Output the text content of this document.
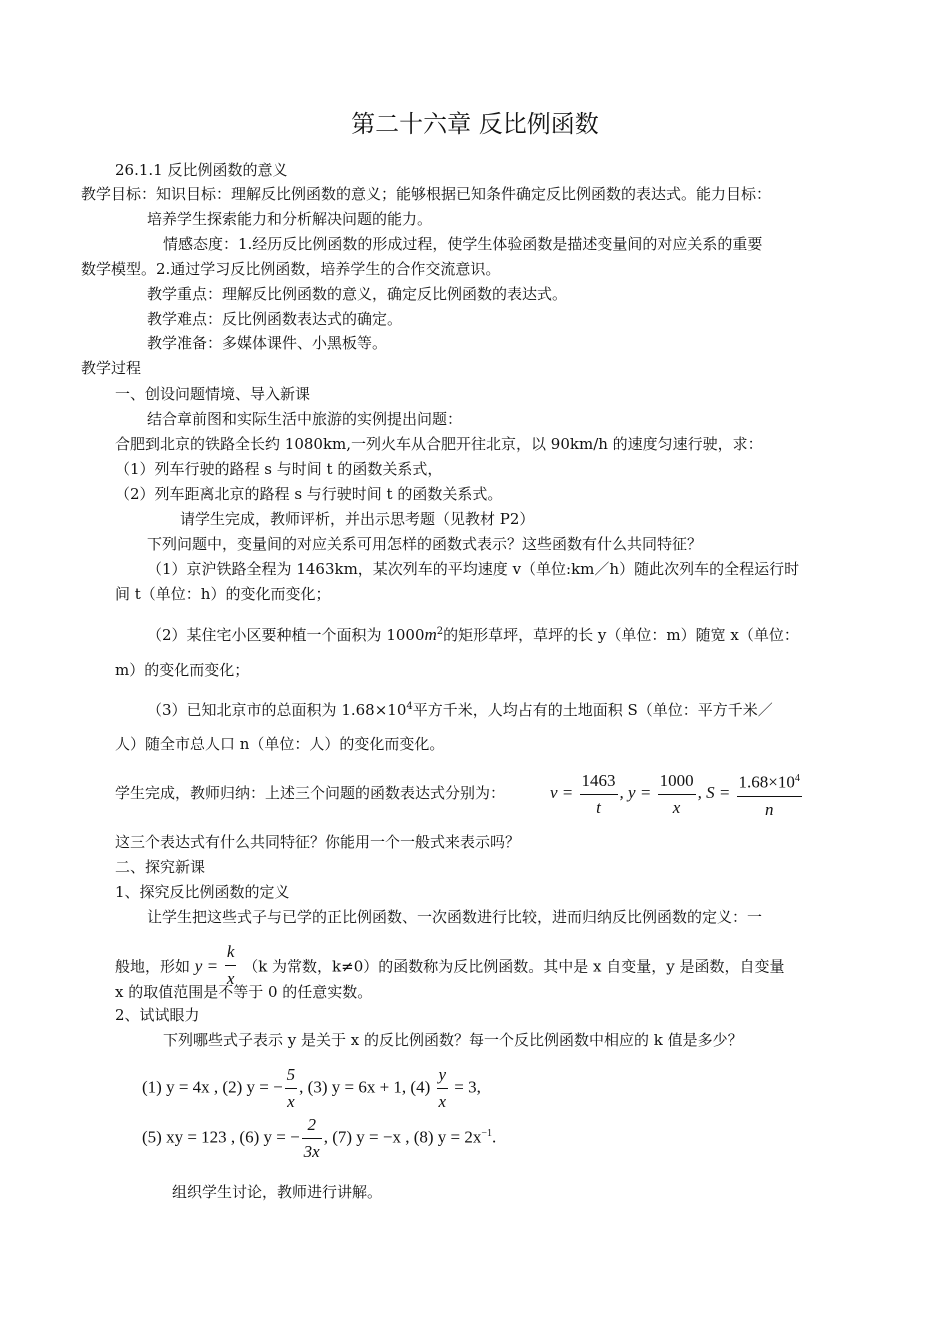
第二十六章 反比例函数
26.1.1 反比例函数的意义
教学目标：知识目标：理解反比例函数的意义；能够根据已知条件确定反比例函数的表达式。能力目标：
培养学生探索能力和分析解决问题的能力。
情感态度：1.经历反比例函数的形成过程，使学生体验函数是描述变量间的对应关系的重要
数学模型。2.通过学习反比例函数，培养学生的合作交流意识。
教学重点：理解反比例函数的意义，确定反比例函数的表达式。
教学难点：反比例函数表达式的确定。
教学准备：多媒体课件、小黑板等。
教学过程
一、创设问题情境、导入新课
结合章前图和实际生活中旅游的实例提出问题：
合肥到北京的铁路全长约 1080km,一列火车从合肥开往北京，以 90km/h 的速度匀速行驶，求：
（1）列车行驶的路程 s 与时间 t 的函数关系式，
（2）列车距离北京的路程 s 与行驶时间 t 的函数关系式。
请学生完成，教师评析，并出示思考题（见教材 P2）
下列问题中，变量间的对应关系可用怎样的函数式表示？这些函数有什么共同特征？
（1）京沪铁路全程为 1463km，某次列车的平均速度 v（单位:km／h）随此次列车的全程运行时
间 t（单位：h）的变化而变化；
（2）某住宅小区要种植一个面积为 $1000m^2$的矩形草坪，草坪的长 y（单位：m）随宽 x（单位：
m）的变化而变化；
（3）已知北京市的总面积为 $1.68\times 10^4$平方千米，人均占有的土地面积 S（单位：平方千米／
人）随全市总人口 n（单位：人）的变化而变化。
学生完成，教师归纳：上述三个问题的函数表达式分别为：	$v = \frac{1463}{t}$ , $y = \frac{1000}{x}$ , $S = \frac{1.68\times 10^4}{n}$
这三个表达式有什么共同特征？你能用一个一般式来表示吗？
二、探究新课
1、探究反比例函数的定义
让学生把这些式子与已学的正比例函数、一次函数进行比较，进而归纳反比例函数的定义：一
般地，形如 $y = \frac{k}{x} (k$ 为常数，k≠0）的函数称为反比例函数。其中是 x 自变量，y 是函数，自变量
x 的取值范围是不等于 0 的任意实数。
2、试试眼力
下列哪些式子表示 y 是关于 x 的反比例函数？每一个反比例函数中相应的 k 值是多少？
(1) y = 4x , (2) y = − $\frac{5}{x}$ , (3) y = 6x + 1, $(4) \frac{y}{x} = 3$,
(5) xy = 123 , (6) y = − $\frac{2}{3x}$ , (7) y = −x , (8) $y = 2x^{-1}$.
组织学生讨论，教师进行讲解。
